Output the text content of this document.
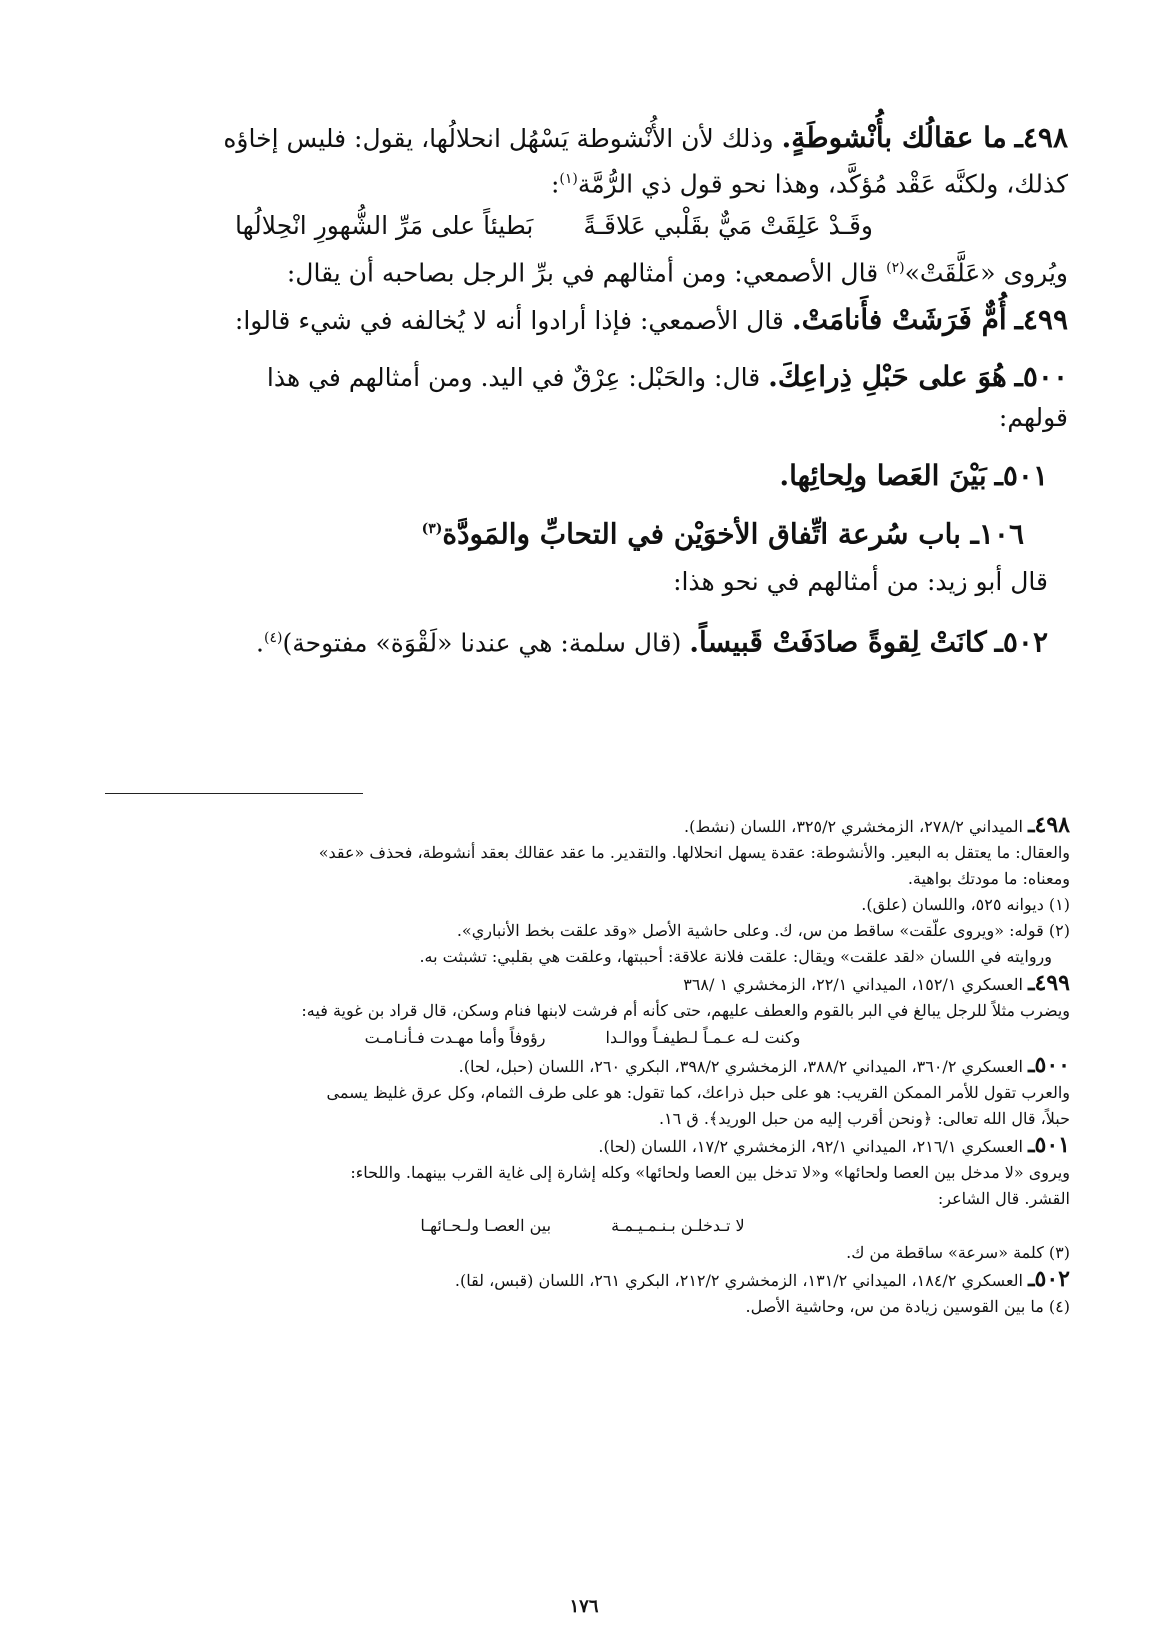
٤٩٨ـ ما عقالُك بأُنْشوطَةٍ. وذلك لأن الأُنْشوطة يَسْهُل انحلالُها، يقول: فليس إخاؤه
كذلك، ولكنَّه عَقْد مُؤكَّد، وهذا نحو قول ذي الرُّمَّة$^{(١)}$:
وقَـدْ عَلِقَتْ مَيٌّ بقَلْبي عَلاقَـةً
بَطيئاً على مَرِّ الشُّهورِ انْحِلالُها
ويُروى «عَلَّقَتْ»$^{(٢)}$ قال الأصمعي: ومن أمثالهم في برِّ الرجل بصاحبه أن يقال:
٤٩٩ـ أُمٌّ فَرَشَتْ فأَنامَتْ. قال الأصمعي: فإذا أرادوا أنه لا يُخالفه في شيء قالوا:
٥٠٠ـ هُوَ على حَبْلِ ذِراعِكَ. قال: والحَبْل: عِرْقٌ في اليد. ومن أمثالهم في هذا
قولهم:
٥٠١ـ بَيْنَ العَصا ولِحائِها.
١٠٦ـ باب سُرعة اتِّفاق الأخوَيْن في التحابِّ والمَودَّة$^{(٣)}$
قال أبو زيد: من أمثالهم في نحو هذا:
٥٠٢ـ كانَتْ لِقوةً صادَفَتْ قَبيساً. (قال سلمة: هي عندنا «لَقْوَة» مفتوحة)$^{(٤)}$.
٤٩٨ـ الميداني ٢٧٨/٢، الزمخشري ٣٢٥/٢، اللسان (نشط).
والعقال: ما يعتقل به البعير. والأنشوطة: عقدة يسهل انحلالها. والتقدير. ما عقد عقالك بعقد أنشوطة، فحذف «عقد»
ومعناه: ما مودتك بواهية.
(١) ديوانه ٥٢٥، واللسان (علق).
(٢) قوله: «ويروى علّقت» ساقط من س، ك. وعلى حاشية الأصل «وقد علقت بخط الأنباري».
وروايته في اللسان «لقد علقت» ويقال: علقت فلانة علاقة: أحببتها، وعلقت هي بقلبي: تشبثت به.
٤٩٩ـ العسكري ١٥٢/١، الميداني ٢٢/١، الزمخشري ١ /٣٦٨
ويضرب مثلاً للرجل يبالغ في البر بالقوم والعطف عليهم، حتى كأنه أم فرشت لابنها فنام وسكن، قال قراد بن غوية فيه:
وكنت لـه عـمـاً لـطيفـاً ووالـدا
رؤوفاً وأما مهـدت فـأنـامـت
٥٠٠ـ العسكري ٣٦٠/٢، الميداني ٣٨٨/٢، الزمخشري ٣٩٨/٢، البكري ٢٦٠، اللسان (حبل، لحا).
والعرب تقول للأمر الممكن القريب: هو على حبل ذراعك، كما تقول: هو على طرف الثمام، وكل عرق غليظ يسمى
حبلاً، قال الله تعالى: ﴿ونحن أقرب إليه من حبل الوريد﴾. ق ١٦.
٥٠١ـ العسكري ٢١٦/١، الميداني ٩٢/١، الزمخشري ١٧/٢، اللسان (لحا).
ويروى «لا مدخل بين العصا ولحائها» و«لا تدخل بين العصا ولحائها» وكله إشارة إلى غاية القرب بينهما. واللحاء:
القشر. قال الشاعر:
لا تـدخلـن بـنـمـيـمـة
بين العصـا ولـحـائهـا
(٣) كلمة «سرعة» ساقطة من ك.
٥٠٢ـ العسكري ١٨٤/٢، الميداني ١٣١/٢، الزمخشري ٢١٢/٢، البكري ٢٦١، اللسان (قبس، لقا).
(٤) ما بين القوسين زيادة من س، وحاشية الأصل.
١٧٦
